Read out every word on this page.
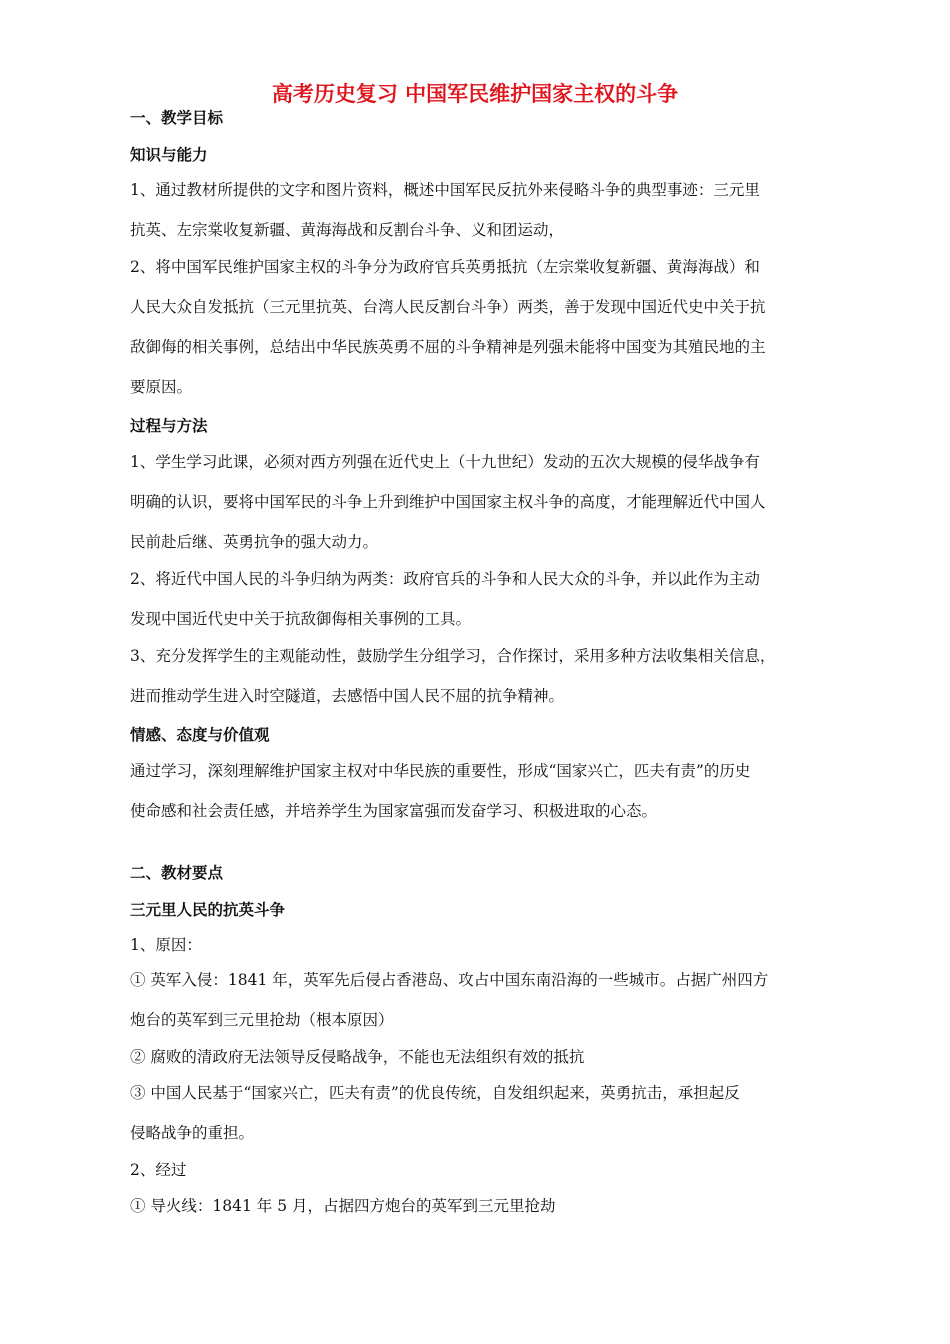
高考历史复习 中国军民维护国家主权的斗争
一、教学目标
知识与能力
1、通过教材所提供的文字和图片资料，概述中国军民反抗外来侵略斗争的典型事迹：三元里
抗英、左宗棠收复新疆、黄海海战和反割台斗争、义和团运动，
2、将中国军民维护国家主权的斗争分为政府官兵英勇抵抗（左宗棠收复新疆、黄海海战）和
人民大众自发抵抗（三元里抗英、台湾人民反割台斗争）两类，善于发现中国近代史中关于抗
敌御侮的相关事例，总结出中华民族英勇不屈的斗争精神是列强未能将中国变为其殖民地的主
要原因。
过程与方法
1、学生学习此课，必须对西方列强在近代史上（十九世纪）发动的五次大规模的侵华战争有
明确的认识，要将中国军民的斗争上升到维护中国国家主权斗争的高度，才能理解近代中国人
民前赴后继、英勇抗争的强大动力。
2、将近代中国人民的斗争归纳为两类：政府官兵的斗争和人民大众的斗争，并以此作为主动
发现中国近代史中关于抗敌御侮相关事例的工具。
3、充分发挥学生的主观能动性，鼓励学生分组学习，合作探讨，采用多种方法收集相关信息，
进而推动学生进入时空隧道，去感悟中国人民不屈的抗争精神。
情感、态度与价值观
通过学习，深刻理解维护国家主权对中华民族的重要性，形成“国家兴亡，匹夫有责”的历史
使命感和社会责任感，并培养学生为国家富强而发奋学习、积极进取的心态。
二、教材要点
三元里人民的抗英斗争
1、原因：
① 英军入侵：1841 年，英军先后侵占香港岛、攻占中国东南沿海的一些城市。占据广州四方
炮台的英军到三元里抢劫（根本原因）
② 腐败的清政府无法领导反侵略战争，不能也无法组织有效的抵抗
③ 中国人民基于“国家兴亡，匹夫有责”的优良传统，自发组织起来，英勇抗击，承担起反
侵略战争的重担。
2、经过
① 导火线：1841 年 5 月，占据四方炮台的英军到三元里抢劫
